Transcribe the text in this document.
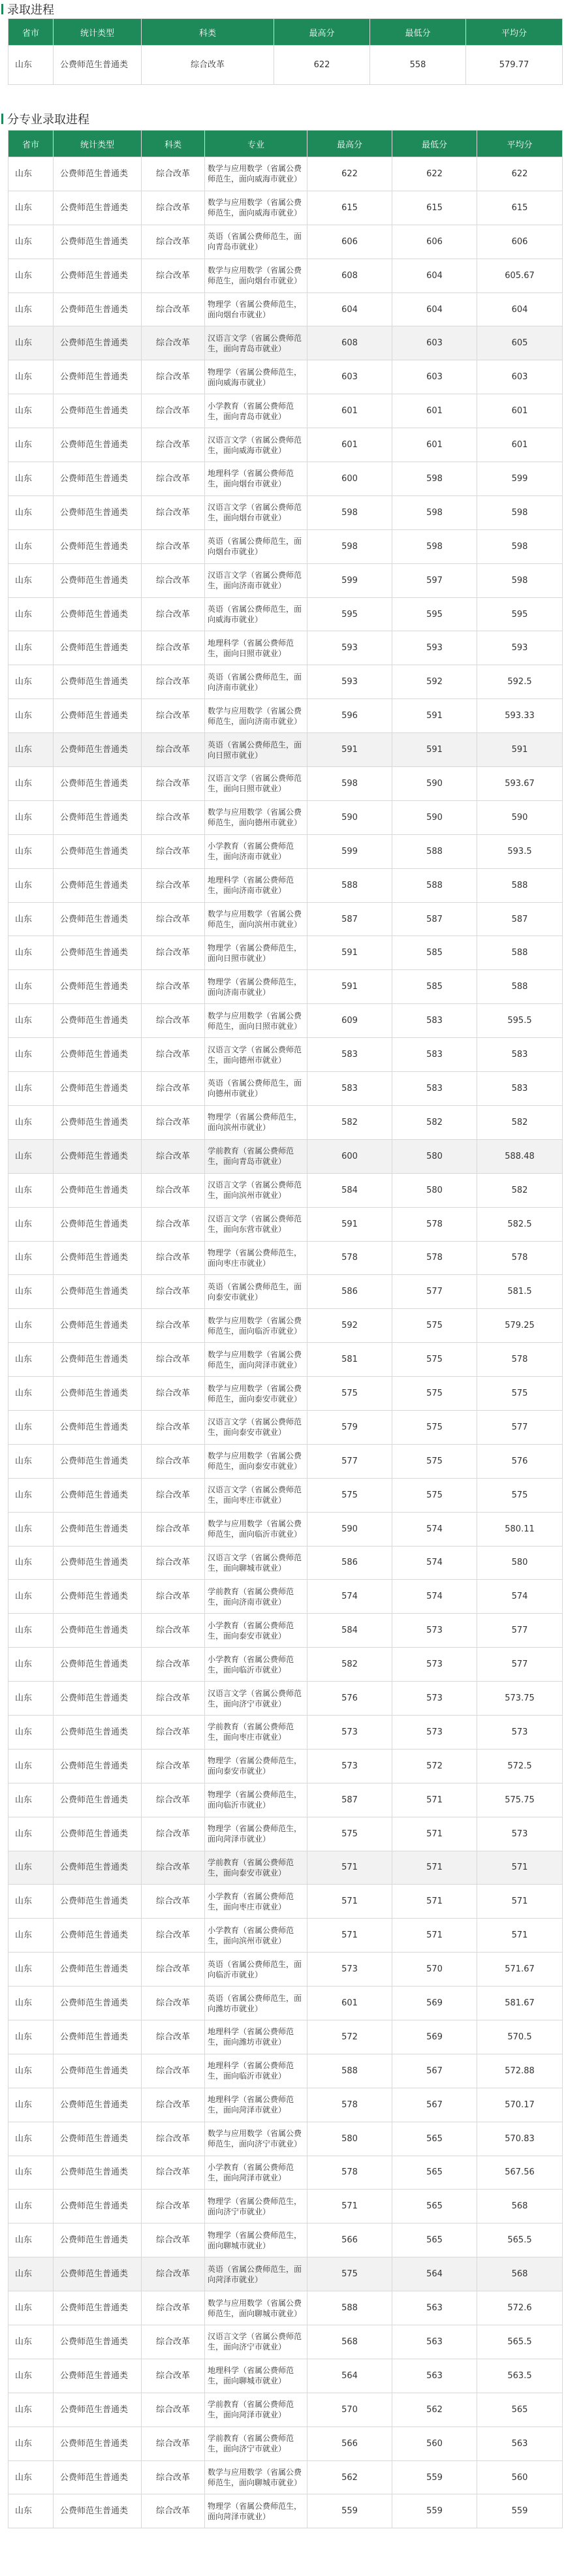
录取进程
省市	统计类型	科类	最高分	最低分	平均分
山东	公费师范生普通类	综合改革	622	558	579.77
分专业录取进程
省市	统计类型	科类	专业	最高分	最低分	平均分
山东	公费师范生普通类	综合改革	数学与应用数学（省属公费师范生，面向威海市就业）	622	622	622
山东	公费师范生普通类	综合改革	数学与应用数学（省属公费师范生，面向威海市就业）	615	615	615
山东	公费师范生普通类	综合改革	英语（省属公费师范生，面向青岛市就业）	606	606	606
山东	公费师范生普通类	综合改革	数学与应用数学（省属公费师范生，面向烟台市就业）	608	604	605.67
山东	公费师范生普通类	综合改革	物理学（省属公费师范生，面向烟台市就业）	604	604	604
山东	公费师范生普通类	综合改革	汉语言文学（省属公费师范生，面向青岛市就业）	608	603	605
山东	公费师范生普通类	综合改革	物理学（省属公费师范生，面向威海市就业）	603	603	603
山东	公费师范生普通类	综合改革	小学教育（省属公费师范生，面向青岛市就业）	601	601	601
山东	公费师范生普通类	综合改革	汉语言文学（省属公费师范生，面向威海市就业）	601	601	601
山东	公费师范生普通类	综合改革	地理科学（省属公费师范生，面向烟台市就业）	600	598	599
山东	公费师范生普通类	综合改革	汉语言文学（省属公费师范生，面向烟台市就业）	598	598	598
山东	公费师范生普通类	综合改革	英语（省属公费师范生，面向烟台市就业）	598	598	598
山东	公费师范生普通类	综合改革	汉语言文学（省属公费师范生，面向济南市就业）	599	597	598
山东	公费师范生普通类	综合改革	英语（省属公费师范生，面向威海市就业）	595	595	595
山东	公费师范生普通类	综合改革	地理科学（省属公费师范生，面向日照市就业）	593	593	593
山东	公费师范生普通类	综合改革	英语（省属公费师范生，面向济南市就业）	593	592	592.5
山东	公费师范生普通类	综合改革	数学与应用数学（省属公费师范生，面向济南市就业）	596	591	593.33
山东	公费师范生普通类	综合改革	英语（省属公费师范生，面向日照市就业）	591	591	591
山东	公费师范生普通类	综合改革	汉语言文学（省属公费师范生，面向日照市就业）	598	590	593.67
山东	公费师范生普通类	综合改革	数学与应用数学（省属公费师范生，面向德州市就业）	590	590	590
山东	公费师范生普通类	综合改革	小学教育（省属公费师范生，面向济南市就业）	599	588	593.5
山东	公费师范生普通类	综合改革	地理科学（省属公费师范生，面向济南市就业）	588	588	588
山东	公费师范生普通类	综合改革	数学与应用数学（省属公费师范生，面向滨州市就业）	587	587	587
山东	公费师范生普通类	综合改革	物理学（省属公费师范生，面向日照市就业）	591	585	588
山东	公费师范生普通类	综合改革	物理学（省属公费师范生，面向济南市就业）	591	585	588
山东	公费师范生普通类	综合改革	数学与应用数学（省属公费师范生，面向日照市就业）	609	583	595.5
山东	公费师范生普通类	综合改革	汉语言文学（省属公费师范生，面向德州市就业）	583	583	583
山东	公费师范生普通类	综合改革	英语（省属公费师范生，面向德州市就业）	583	583	583
山东	公费师范生普通类	综合改革	物理学（省属公费师范生，面向滨州市就业）	582	582	582
山东	公费师范生普通类	综合改革	学前教育（省属公费师范生，面向青岛市就业）	600	580	588.48
山东	公费师范生普通类	综合改革	汉语言文学（省属公费师范生，面向滨州市就业）	584	580	582
山东	公费师范生普通类	综合改革	汉语言文学（省属公费师范生，面向东营市就业）	591	578	582.5
山东	公费师范生普通类	综合改革	物理学（省属公费师范生，面向枣庄市就业）	578	578	578
山东	公费师范生普通类	综合改革	英语（省属公费师范生，面向泰安市就业）	586	577	581.5
山东	公费师范生普通类	综合改革	数学与应用数学（省属公费师范生，面向临沂市就业）	592	575	579.25
山东	公费师范生普通类	综合改革	数学与应用数学（省属公费师范生，面向菏泽市就业）	581	575	578
山东	公费师范生普通类	综合改革	数学与应用数学（省属公费师范生，面向泰安市就业）	575	575	575
山东	公费师范生普通类	综合改革	汉语言文学（省属公费师范生，面向泰安市就业）	579	575	577
山东	公费师范生普通类	综合改革	数学与应用数学（省属公费师范生，面向泰安市就业）	577	575	576
山东	公费师范生普通类	综合改革	汉语言文学（省属公费师范生，面向枣庄市就业）	575	575	575
山东	公费师范生普通类	综合改革	数学与应用数学（省属公费师范生，面向临沂市就业）	590	574	580.11
山东	公费师范生普通类	综合改革	汉语言文学（省属公费师范生，面向聊城市就业）	586	574	580
山东	公费师范生普通类	综合改革	学前教育（省属公费师范生，面向济南市就业）	574	574	574
山东	公费师范生普通类	综合改革	小学教育（省属公费师范生，面向泰安市就业）	584	573	577
山东	公费师范生普通类	综合改革	小学教育（省属公费师范生，面向临沂市就业）	582	573	577
山东	公费师范生普通类	综合改革	汉语言文学（省属公费师范生，面向济宁市就业）	576	573	573.75
山东	公费师范生普通类	综合改革	学前教育（省属公费师范生，面向枣庄市就业）	573	573	573
山东	公费师范生普通类	综合改革	物理学（省属公费师范生，面向泰安市就业）	573	572	572.5
山东	公费师范生普通类	综合改革	物理学（省属公费师范生，面向临沂市就业）	587	571	575.75
山东	公费师范生普通类	综合改革	物理学（省属公费师范生，面向菏泽市就业）	575	571	573
山东	公费师范生普通类	综合改革	学前教育（省属公费师范生，面向泰安市就业）	571	571	571
山东	公费师范生普通类	综合改革	小学教育（省属公费师范生，面向枣庄市就业）	571	571	571
山东	公费师范生普通类	综合改革	小学教育（省属公费师范生，面向滨州市就业）	571	571	571
山东	公费师范生普通类	综合改革	英语（省属公费师范生，面向临沂市就业）	573	570	571.67
山东	公费师范生普通类	综合改革	英语（省属公费师范生，面向潍坊市就业）	601	569	581.67
山东	公费师范生普通类	综合改革	地理科学（省属公费师范生，面向潍坊市就业）	572	569	570.5
山东	公费师范生普通类	综合改革	地理科学（省属公费师范生，面向临沂市就业）	588	567	572.88
山东	公费师范生普通类	综合改革	地理科学（省属公费师范生，面向菏泽市就业）	578	567	570.17
山东	公费师范生普通类	综合改革	数学与应用数学（省属公费师范生，面向济宁市就业）	580	565	570.83
山东	公费师范生普通类	综合改革	小学教育（省属公费师范生，面向菏泽市就业）	578	565	567.56
山东	公费师范生普通类	综合改革	物理学（省属公费师范生，面向济宁市就业）	571	565	568
山东	公费师范生普通类	综合改革	物理学（省属公费师范生，面向聊城市就业）	566	565	565.5
山东	公费师范生普通类	综合改革	英语（省属公费师范生，面向菏泽市就业）	575	564	568
山东	公费师范生普通类	综合改革	数学与应用数学（省属公费师范生，面向聊城市就业）	588	563	572.6
山东	公费师范生普通类	综合改革	汉语言文学（省属公费师范生，面向济宁市就业）	568	563	565.5
山东	公费师范生普通类	综合改革	地理科学（省属公费师范生，面向聊城市就业）	564	563	563.5
山东	公费师范生普通类	综合改革	学前教育（省属公费师范生，面向菏泽市就业）	570	562	565
山东	公费师范生普通类	综合改革	学前教育（省属公费师范生，面向济宁市就业）	566	560	563
山东	公费师范生普通类	综合改革	数学与应用数学（省属公费师范生，面向聊城市就业）	562	559	560
山东	公费师范生普通类	综合改革	物理学（省属公费师范生，面向菏泽市就业）	559	559	559
